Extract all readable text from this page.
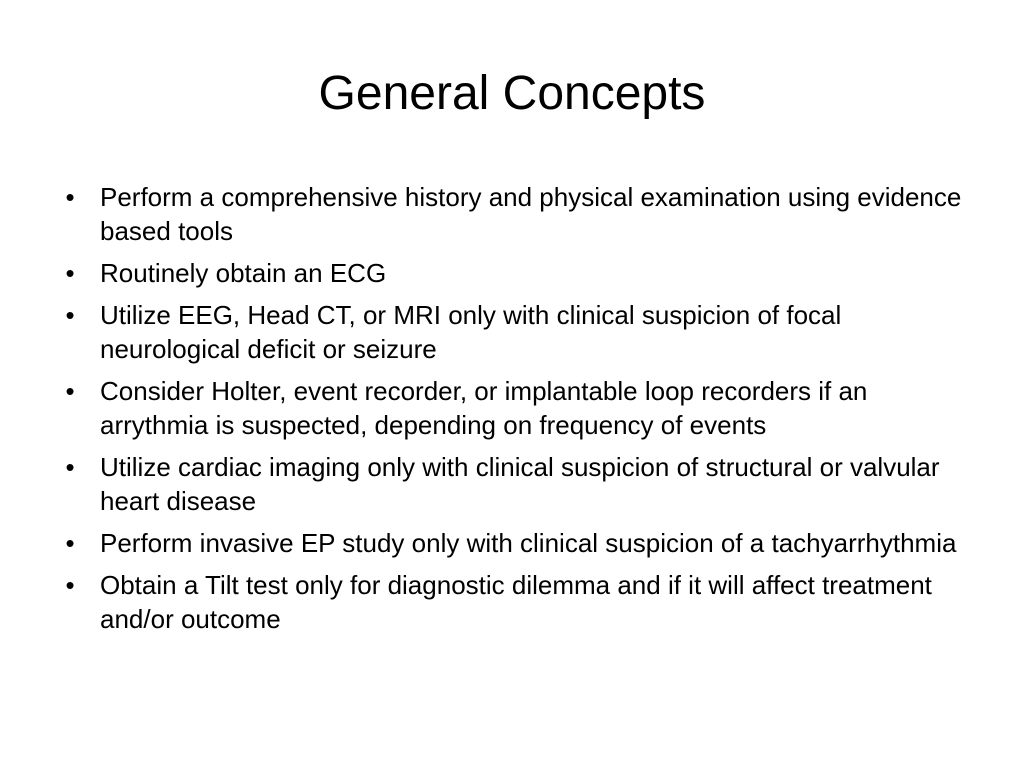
General Concepts
• Perform a comprehensive history and physical examination using evidence based tools
• Routinely obtain an ECG
• Utilize EEG, Head CT, or MRI only with clinical suspicion of focal neurological deficit or seizure
• Consider Holter, event recorder, or implantable loop recorders if an arrythmia is suspected, depending on frequency of events
• Utilize cardiac imaging only with clinical suspicion of structural or valvular heart disease
• Perform invasive EP study only with clinical suspicion of a tachyarrhythmia
• Obtain a Tilt test only for diagnostic dilemma and if it will affect treatment and/or outcome
